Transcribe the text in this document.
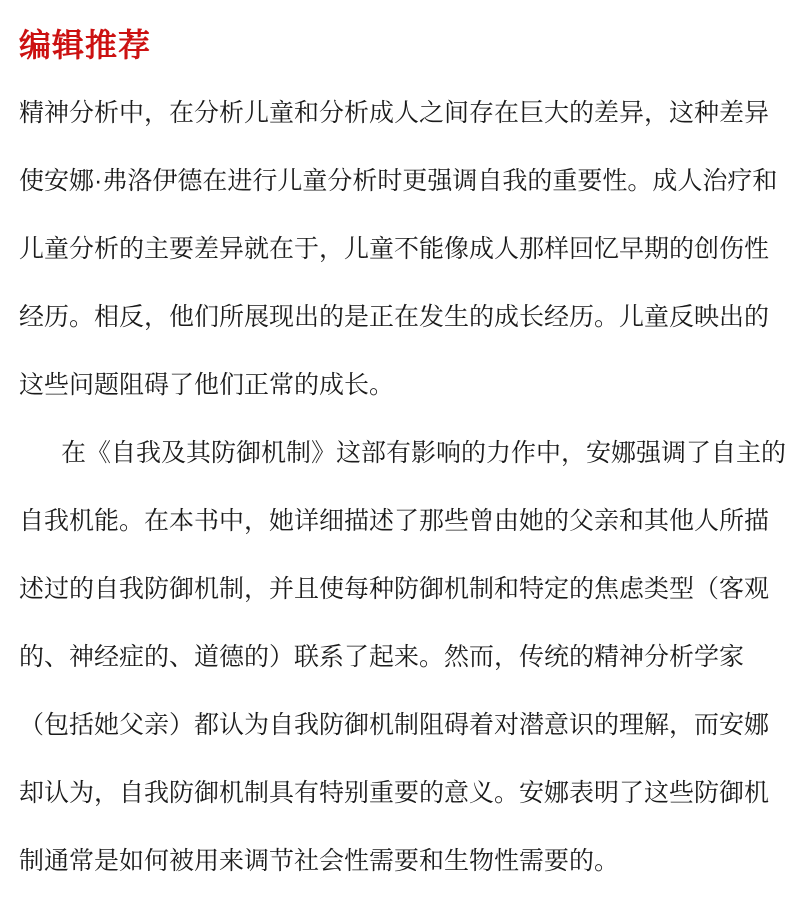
编辑推荐
精神分析中，在分析儿童和分析成人之间存在巨大的差异，这种差异
使安娜·弗洛伊德在进行儿童分析时更强调自我的重要性。成人治疗和
儿童分析的主要差异就在于，儿童不能像成人那样回忆早期的创伤性
经历。相反，他们所展现出的是正在发生的成长经历。儿童反映出的
这些问题阻碍了他们正常的成长。
在《自我及其防御机制》这部有影响的力作中，安娜强调了自主的
自我机能。在本书中，她详细描述了那些曾由她的父亲和其他人所描
述过的自我防御机制，并且使每种防御机制和特定的焦虑类型（客观
的、神经症的、道德的）联系了起来。然而，传统的精神分析学家
（包括她父亲）都认为自我防御机制阻碍着对潜意识的理解，而安娜
却认为，自我防御机制具有特别重要的意义。安娜表明了这些防御机
制通常是如何被用来调节社会性需要和生物性需要的。
